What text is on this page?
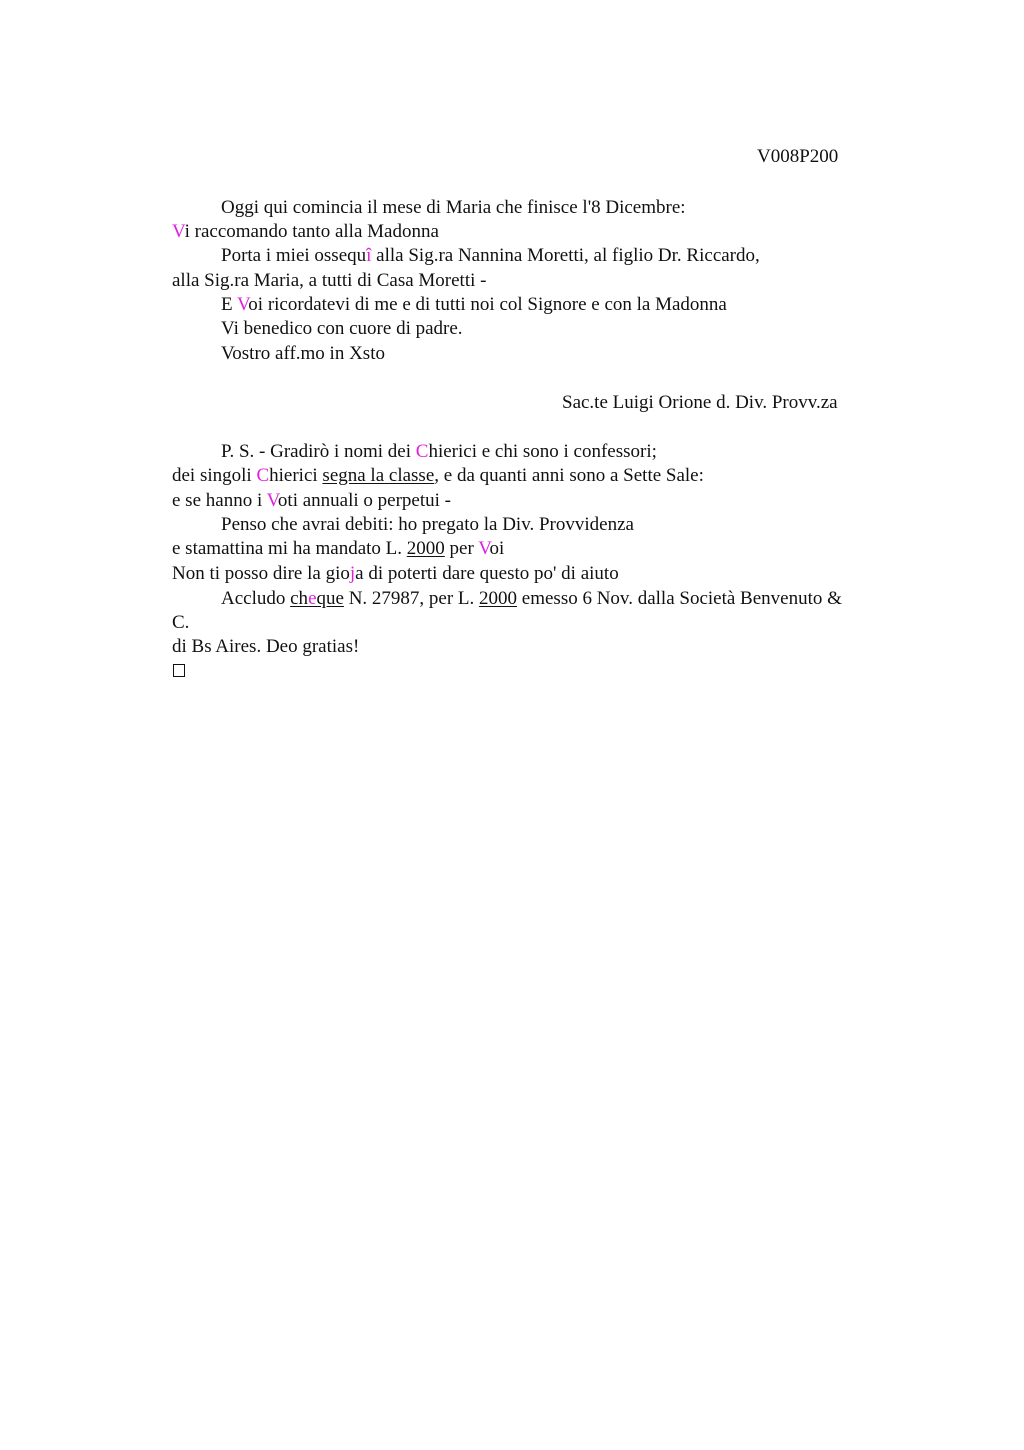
V008P200
Oggi qui comincia il mese di Maria che finisce l'8 Dicembre:
Vi raccomando tanto alla Madonna
Porta i miei ossequî alla Sig.ra Nannina Moretti, al figlio Dr. Riccardo,
alla Sig.ra Maria, a tutti di Casa Moretti -
E Voi ricordatevi di me e di tutti noi col Signore e con la Madonna
Vi benedico con cuore di padre.
Vostro aff.mo in Xsto
Sac.te Luigi Orione d. Div. Provv.za
P. S. - Gradirò i nomi dei Chierici e chi sono i confessori;
dei singoli Chierici segna la classe, e da quanti anni sono a Sette Sale:
e se hanno i Voti annuali o perpetui -
Penso che avrai debiti: ho pregato la Div. Provvidenza
e stamattina mi ha mandato L. 2000 per Voi
Non ti posso dire la gioja di poterti dare questo po' di aiuto
Accludo cheque N. 27987, per L. 2000 emesso 6 Nov. dalla Società Benvenuto &
C.
di Bs Aires. Deo gratias!
